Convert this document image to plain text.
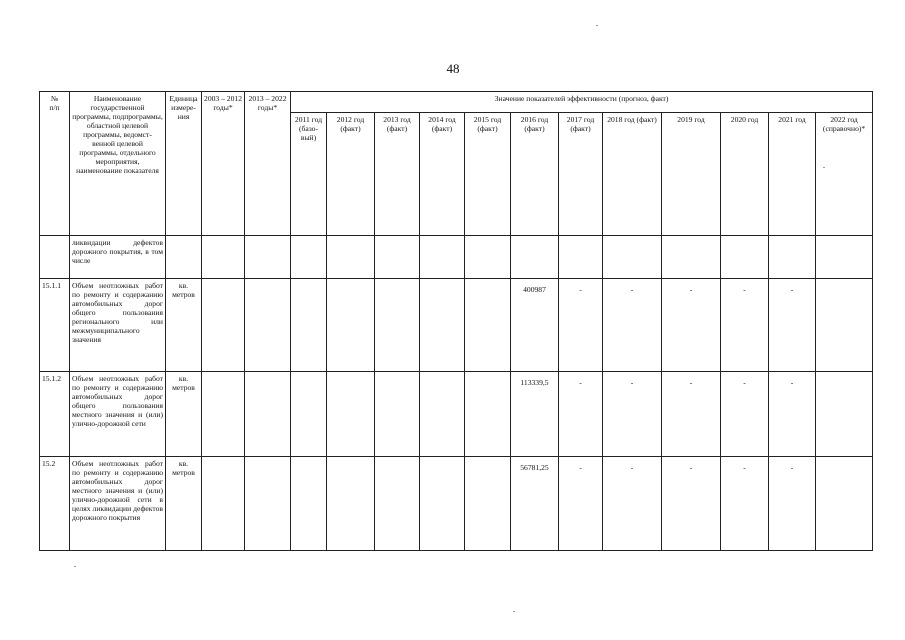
48
№
п/п	Наименование государственной программы, подпрограммы, областной целевой программы, ведомст-венной целевой программы, отдельного мероприятия, наименование показателя	Единица измере-ния	2003 – 2012 годы*	2013 – 2022 годы*	Значение показателей эффективности (прогноз, факт)											
					2011 год (базо-вый)	2012 год (факт)	2013 год (факт)	2014 год (факт)	2015 год (факт)	2016 год (факт)	2017 год (факт)	2018 год (факт)	2019 год	2020 год	2021 год	2022 год (справочно)*
	ликвидации дефектов дорожного покрытия, в том числе															
15.1.1	Объем неотложных работ по ремонту и содержанию автомобильных дорог общего пользования регионального или межмуниципального значения	кв. метров								400987	-	-	-	-	-	
15.1.2	Объем неотложных работ по ремонту и содержанию автомобильных дорог общего пользования местного значения и (или) улично-дорожной сети	кв. метров								113339,5	-	-	-	-	-	
15.2	Объем неотложных работ по ремонту и содержанию автомобильных дорог местного значения и (или) улично-дорожной сети в целях ликвидации дефектов дорожного покрытия	кв. метров								56781,25	-	-	-	-	-	
